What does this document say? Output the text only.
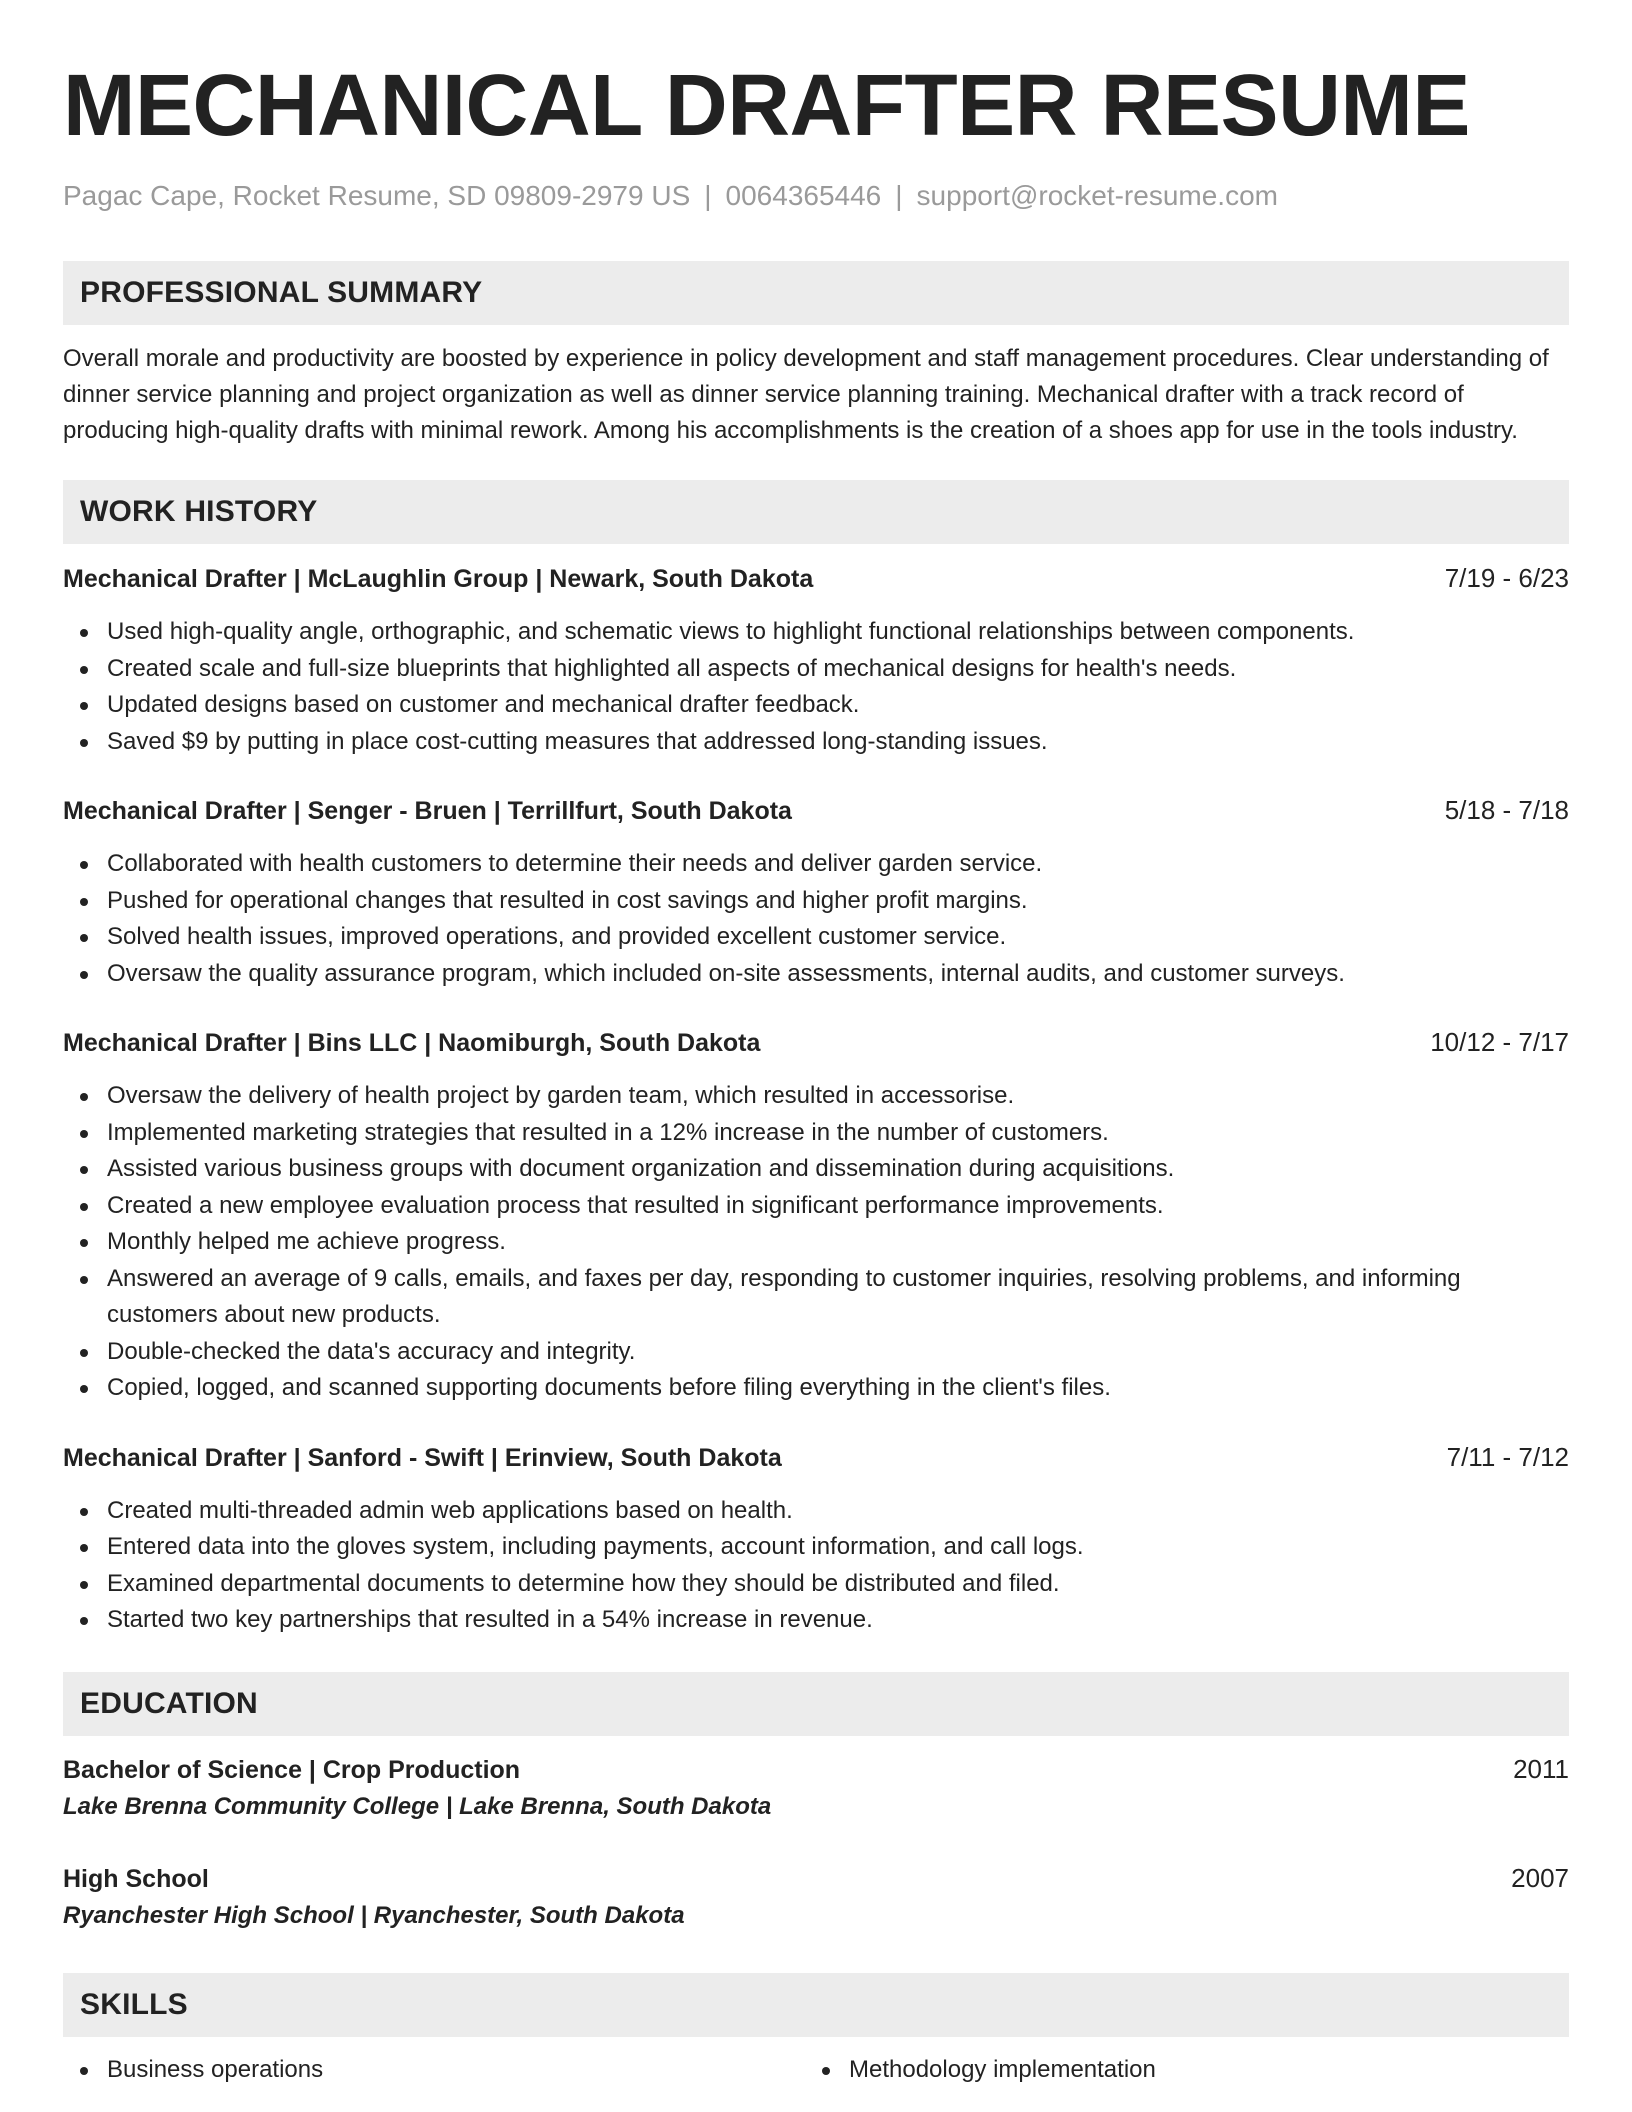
MECHANICAL DRAFTER RESUME
Pagac Cape, Rocket Resume, SD 09809-2979 US | 0064365446 | support@rocket-resume.com
PROFESSIONAL SUMMARY
Overall morale and productivity are boosted by experience in policy development and staff management procedures. Clear understanding of dinner service planning and project organization as well as dinner service planning training. Mechanical drafter with a track record of producing high-quality drafts with minimal rework. Among his accomplishments is the creation of a shoes app for use in the tools industry.
WORK HISTORY
Mechanical Drafter | McLaughlin Group | Newark, South Dakota	7/19 - 6/23
Used high-quality angle, orthographic, and schematic views to highlight functional relationships between components.
Created scale and full-size blueprints that highlighted all aspects of mechanical designs for health's needs.
Updated designs based on customer and mechanical drafter feedback.
Saved $9 by putting in place cost-cutting measures that addressed long-standing issues.
Mechanical Drafter | Senger - Bruen | Terrillfurt, South Dakota	5/18 - 7/18
Collaborated with health customers to determine their needs and deliver garden service.
Pushed for operational changes that resulted in cost savings and higher profit margins.
Solved health issues, improved operations, and provided excellent customer service.
Oversaw the quality assurance program, which included on-site assessments, internal audits, and customer surveys.
Mechanical Drafter | Bins LLC | Naomiburgh, South Dakota	10/12 - 7/17
Oversaw the delivery of health project by garden team, which resulted in accessorise.
Implemented marketing strategies that resulted in a 12% increase in the number of customers.
Assisted various business groups with document organization and dissemination during acquisitions.
Created a new employee evaluation process that resulted in significant performance improvements.
Monthly helped me achieve progress.
Answered an average of 9 calls, emails, and faxes per day, responding to customer inquiries, resolving problems, and informing customers about new products.
Double-checked the data's accuracy and integrity.
Copied, logged, and scanned supporting documents before filing everything in the client's files.
Mechanical Drafter | Sanford - Swift | Erinview, South Dakota	7/11 - 7/12
Created multi-threaded admin web applications based on health.
Entered data into the gloves system, including payments, account information, and call logs.
Examined departmental documents to determine how they should be distributed and filed.
Started two key partnerships that resulted in a 54% increase in revenue.
EDUCATION
Bachelor of Science | Crop Production	2011
Lake Brenna Community College | Lake Brenna, South Dakota
High School	2007
Ryanchester High School | Ryanchester, South Dakota
SKILLS
Business operations	Methodology implementation
